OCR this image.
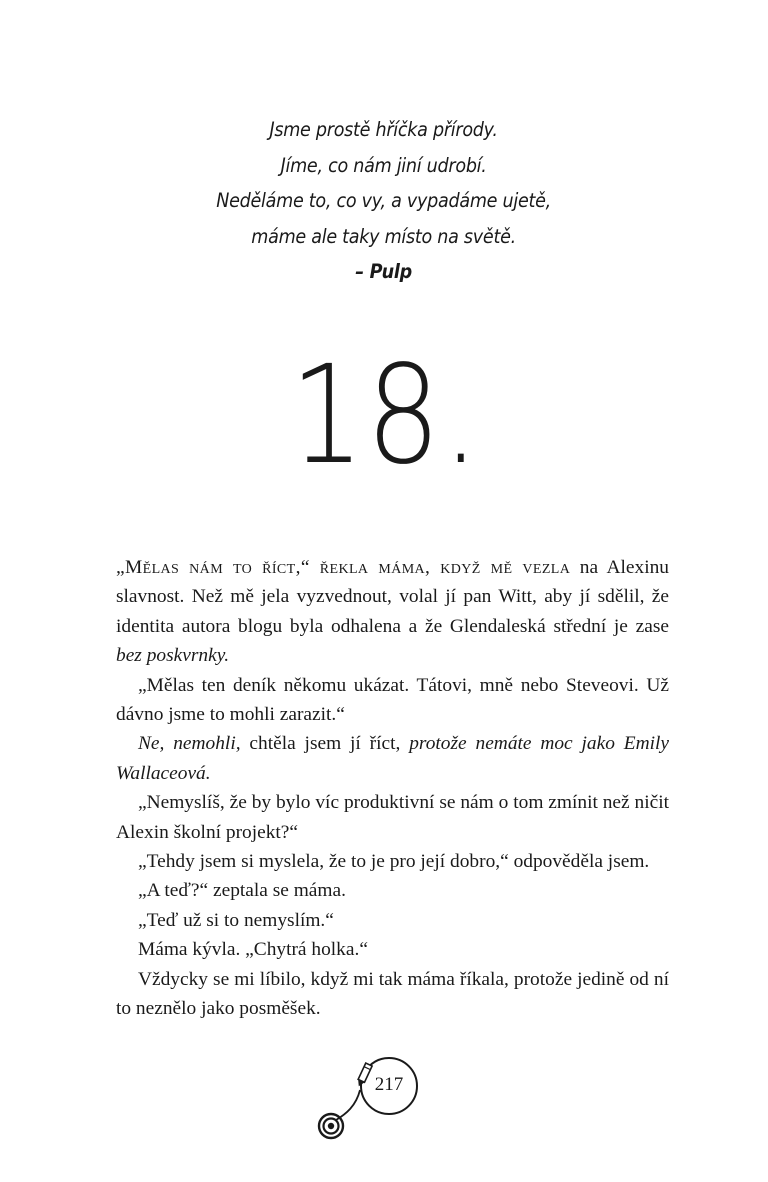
Jsme prostě hříčka přírody.
Jíme, co nám jiní udrobí.
Neděláme to, co vy, a vypadáme ujetě,
máme ale taky místo na světě.
– Pulp
18.

„Mělas nám to říct,“ řekla máma, když mě vezla na Alexinu slavnost. Než mě jela vyzvednout, volal jí pan Witt, aby jí sdělil, že identita autora blogu byla odhalena a že Glendaleská střední je zase bez poskvrnky.

„Mělas ten deník někomu ukázat. Tátovi, mně nebo Steveovi. Už dávno jsme to mohli zarazit.“

Ne, nemohli, chtěla jsem jí říct, protože nemáte moc jako Emily Wallaceová.

„Nemyslíš, že by bylo víc produktivní se nám o tom zmínit než ničit Alexin školní projekt?“

„Tehdy jsem si myslela, že to je pro její dobro,“ odpověděla jsem.

„A teď?“ zeptala se máma.

„Teď už si to nemyslím.“

Máma kývla. „Chytrá holka.“

Vždycky se mi líbilo, když mi tak máma říkala, protože jedině od ní to neznělo jako posměšek.

217
